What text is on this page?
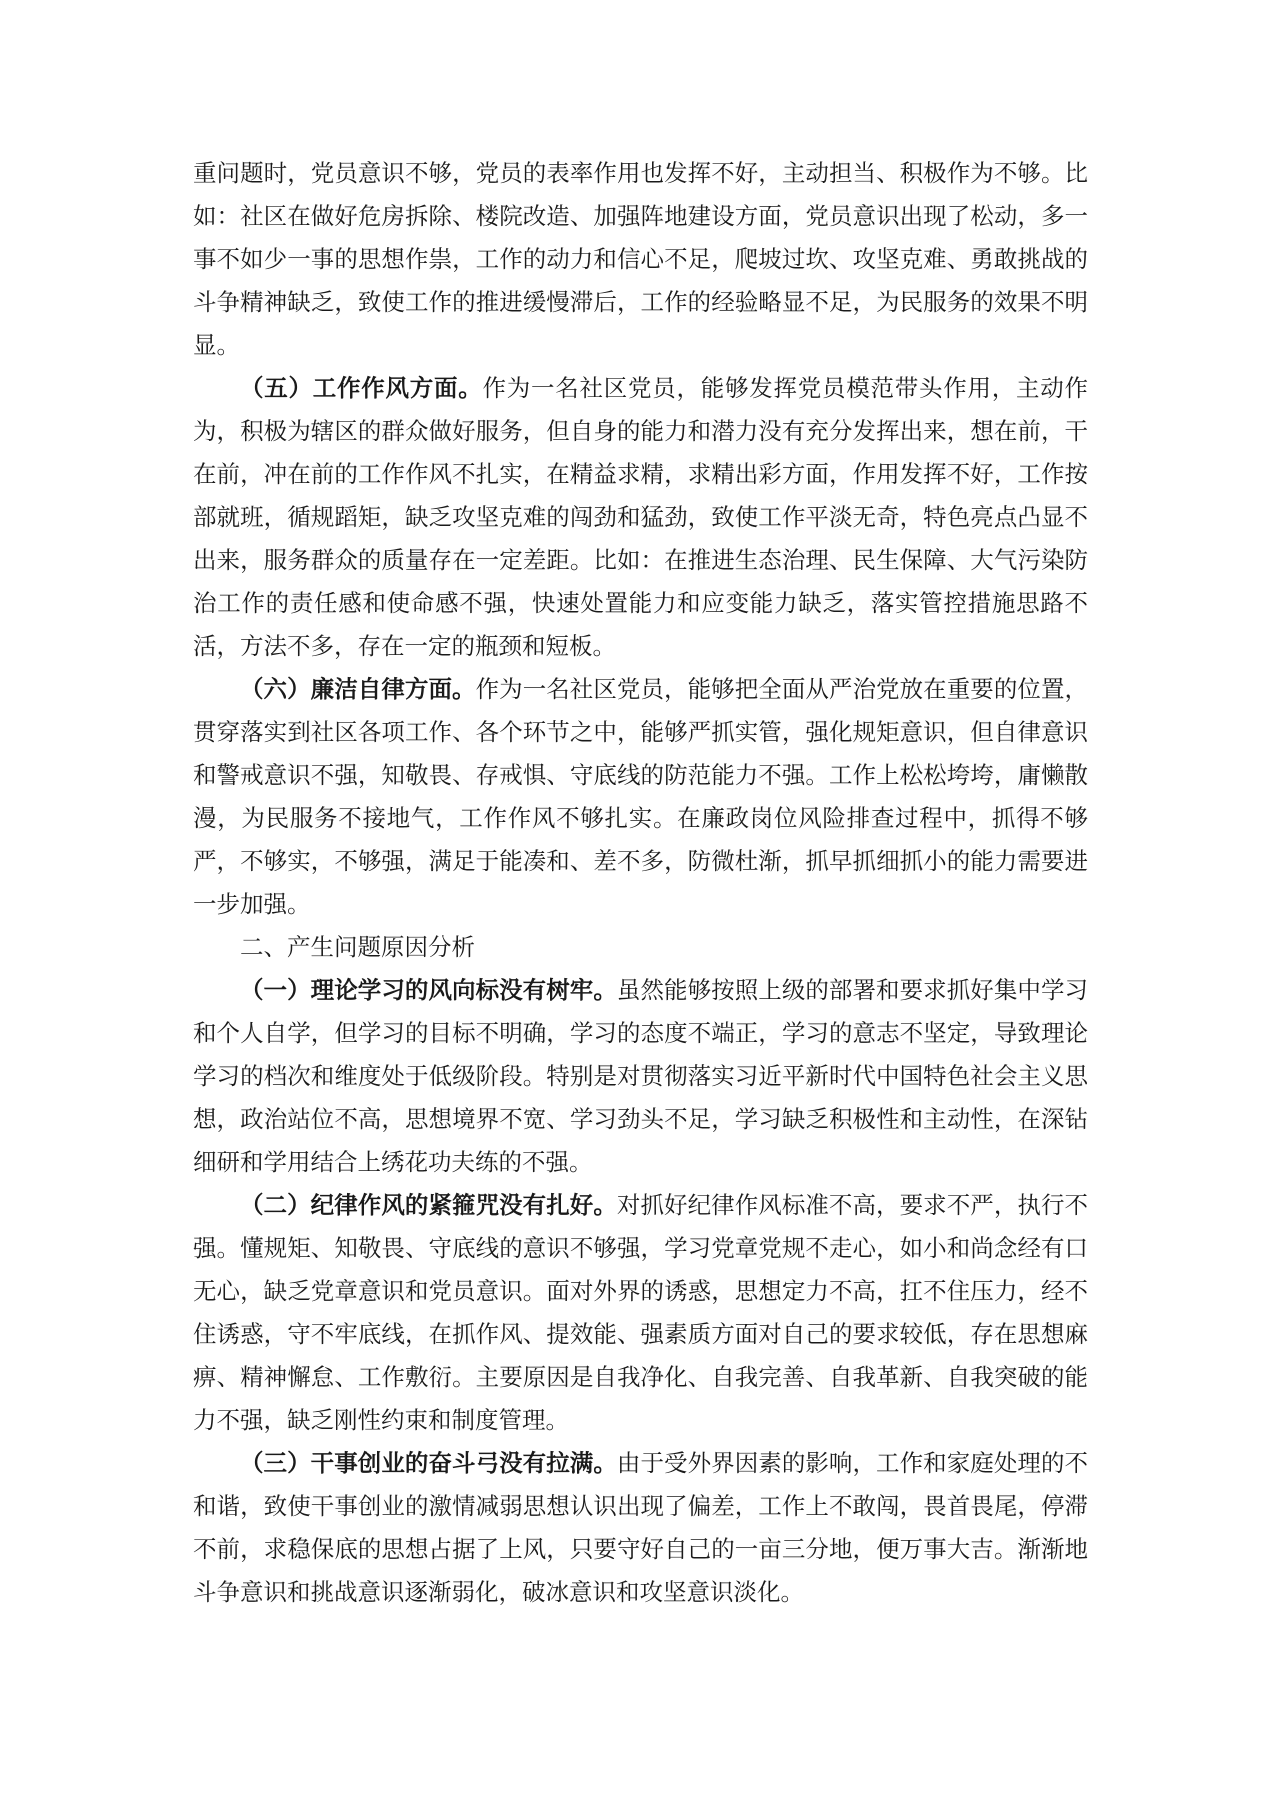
重问题时，党员意识不够，党员的表率作用也发挥不好，主动担当、积极作为不够。比如：社区在做好危房拆除、楼院改造、加强阵地建设方面，党员意识出现了松动，多一事不如少一事的思想作祟，工作的动力和信心不足，爬坡过坎、攻坚克难、勇敢挑战的斗争精神缺乏，致使工作的推进缓慢滞后，工作的经验略显不足，为民服务的效果不明显。

（五）工作作风方面。作为一名社区党员，能够发挥党员模范带头作用，主动作为，积极为辖区的群众做好服务，但自身的能力和潜力没有充分发挥出来，想在前，干在前，冲在前的工作作风不扎实，在精益求精，求精出彩方面，作用发挥不好，工作按部就班，循规蹈矩，缺乏攻坚克难的闯劲和猛劲，致使工作平淡无奇，特色亮点凸显不出来，服务群众的质量存在一定差距。比如：在推进生态治理、民生保障、大气污染防治工作的责任感和使命感不强，快速处置能力和应变能力缺乏，落实管控措施思路不活，方法不多，存在一定的瓶颈和短板。

（六）廉洁自律方面。作为一名社区党员，能够把全面从严治党放在重要的位置，贯穿落实到社区各项工作、各个环节之中，能够严抓实管，强化规矩意识，但自律意识和警戒意识不强，知敬畏、存戒惧、守底线的防范能力不强。工作上松松垮垮，庸懒散漫，为民服务不接地气，工作作风不够扎实。在廉政岗位风险排查过程中，抓得不够严，不够实，不够强，满足于能凑和、差不多，防微杜渐，抓早抓细抓小的能力需要进一步加强。

二、产生问题原因分析

（一）理论学习的风向标没有树牢。虽然能够按照上级的部署和要求抓好集中学习和个人自学，但学习的目标不明确，学习的态度不端正，学习的意志不坚定，导致理论学习的档次和维度处于低级阶段。特别是对贯彻落实习近平新时代中国特色社会主义思想，政治站位不高，思想境界不宽、学习劲头不足，学习缺乏积极性和主动性，在深钻细研和学用结合上绣花功夫练的不强。

（二）纪律作风的紧箍咒没有扎好。对抓好纪律作风标准不高，要求不严，执行不强。懂规矩、知敬畏、守底线的意识不够强，学习党章党规不走心，如小和尚念经有口无心，缺乏党章意识和党员意识。面对外界的诱惑，思想定力不高，扛不住压力，经不住诱惑，守不牢底线，在抓作风、提效能、强素质方面对自己的要求较低，存在思想麻痹、精神懈怠、工作敷衍。主要原因是自我净化、自我完善、自我革新、自我突破的能力不强，缺乏刚性约束和制度管理。

（三）干事创业的奋斗弓没有拉满。由于受外界因素的影响，工作和家庭处理的不和谐，致使干事创业的激情减弱思想认识出现了偏差，工作上不敢闯，畏首畏尾，停滞不前，求稳保底的思想占据了上风，只要守好自己的一亩三分地，便万事大吉。渐渐地斗争意识和挑战意识逐渐弱化，破冰意识和攻坚意识淡化。
